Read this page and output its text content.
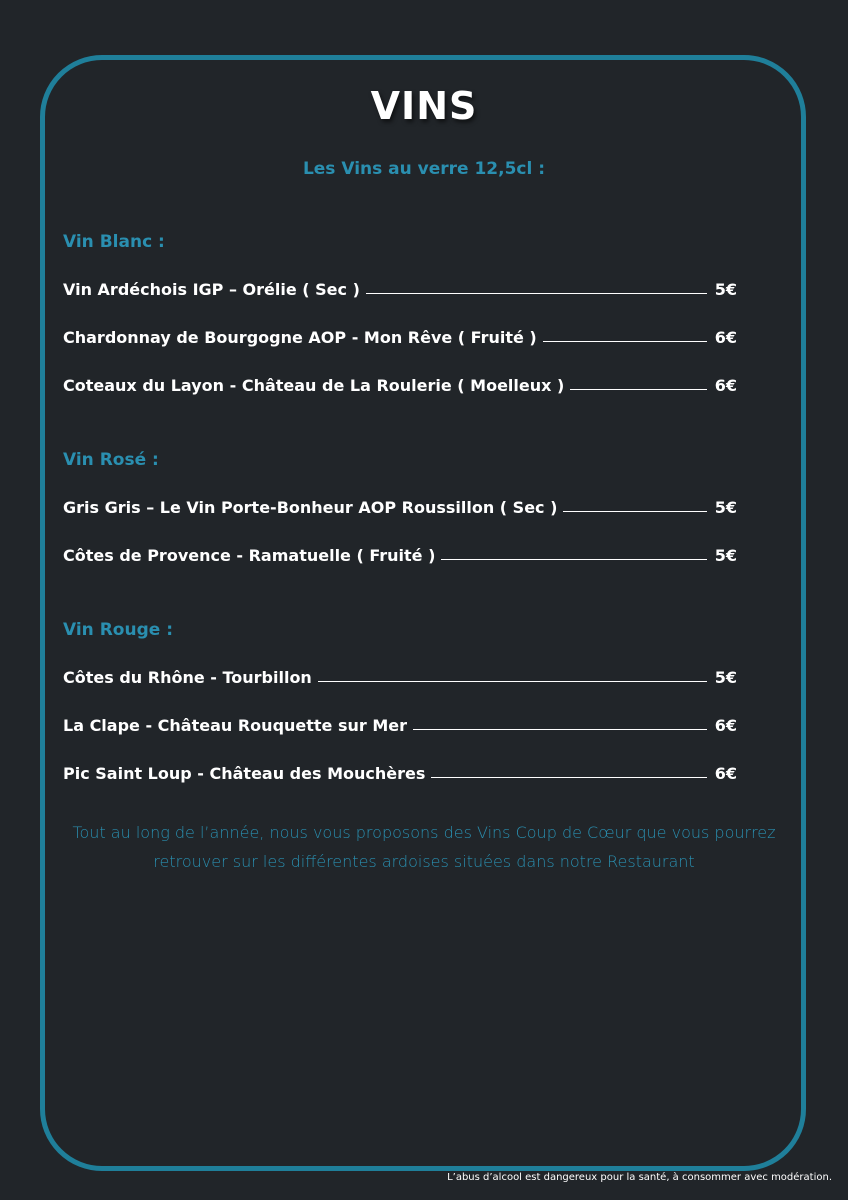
VINS
Les Vins au verre 12,5cl :
Vin Blanc :
Vin Ardéchois IGP – Orélie ( Sec )	5€
Chardonnay de Bourgogne AOP - Mon Rêve ( Fruité )	6€
Coteaux du Layon - Château de La Roulerie ( Moelleux )	6€
Vin Rosé :
Gris Gris – Le Vin Porte-Bonheur AOP Roussillon ( Sec )	5€
Côtes de Provence - Ramatuelle ( Fruité )	5€
Vin Rouge :
Côtes du Rhône - Tourbillon	5€
La Clape - Château Rouquette sur Mer	6€
Pic Saint Loup - Château des Mouchères	6€
Tout au long de l’année, nous vous proposons des Vins Coup de Cœur que vous pourrez retrouver sur les différentes ardoises situées dans notre Restaurant
L’abus d’alcool est dangereux pour la santé, à consommer avec modération.
